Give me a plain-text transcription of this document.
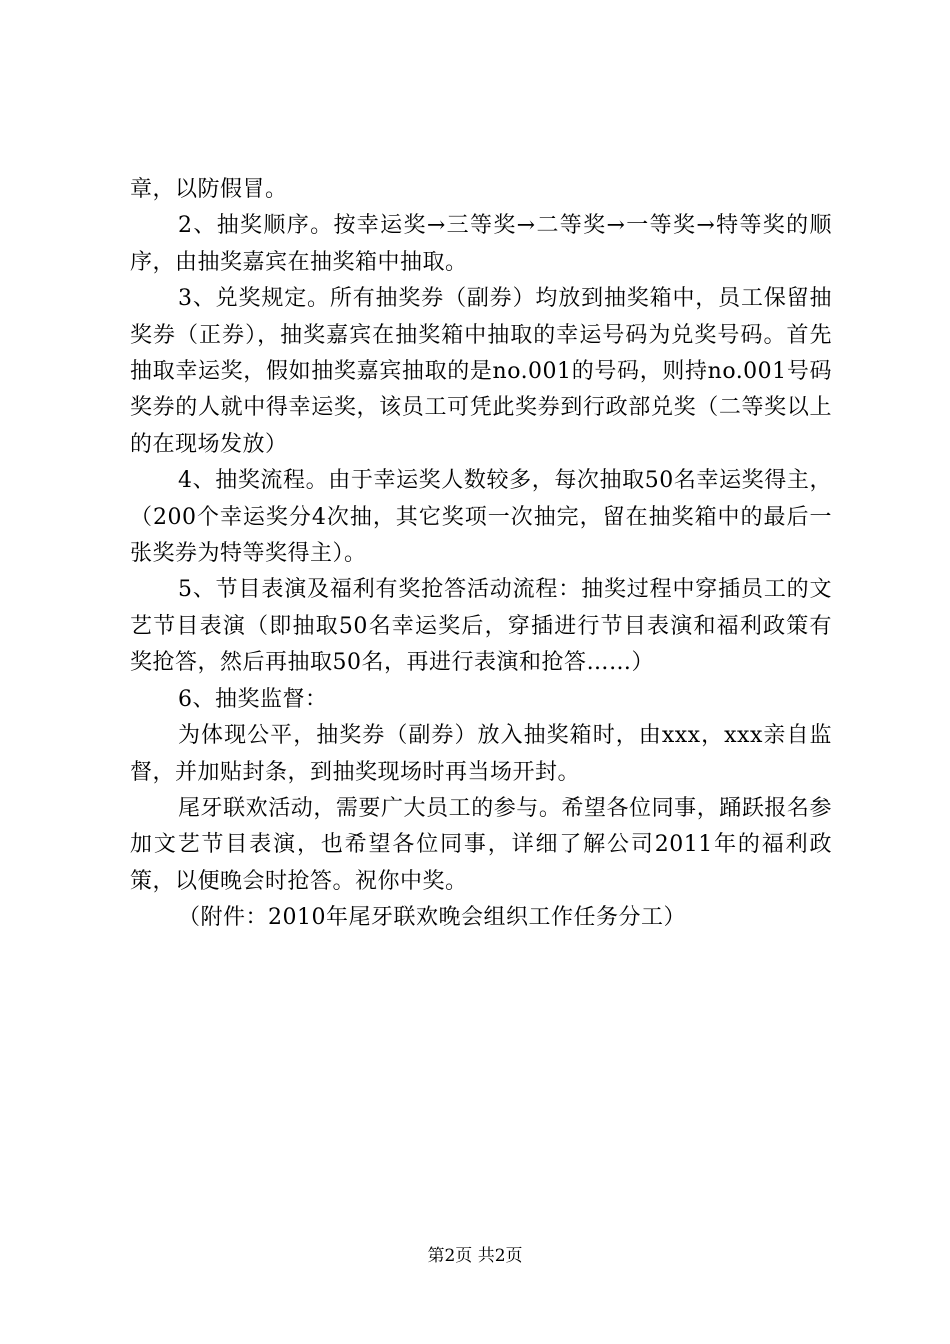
章，以防假冒。

2、抽奖顺序。按幸运奖→三等奖→二等奖→一等奖→特等奖的顺序，由抽奖嘉宾在抽奖箱中抽取。

3、兑奖规定。所有抽奖券（副券）均放到抽奖箱中，员工保留抽奖券（正券），抽奖嘉宾在抽奖箱中抽取的幸运号码为兑奖号码。首先抽取幸运奖，假如抽奖嘉宾抽取的是no.001的号码，则持no.001号码奖券的人就中得幸运奖，该员工可凭此奖券到行政部兑奖（二等奖以上的在现场发放）

4、抽奖流程。由于幸运奖人数较多，每次抽取50名幸运奖得主，（200个幸运奖分4次抽，其它奖项一次抽完，留在抽奖箱中的最后一张奖券为特等奖得主）。

5、节目表演及福利有奖抢答活动流程：抽奖过程中穿插员工的文艺节目表演（即抽取50名幸运奖后，穿插进行节目表演和福利政策有奖抢答，然后再抽取50名，再进行表演和抢答……）

6、抽奖监督：

为体现公平，抽奖券（副券）放入抽奖箱时，由xxx，xxx亲自监督，并加贴封条，到抽奖现场时再当场开封。

尾牙联欢活动，需要广大员工的参与。希望各位同事，踊跃报名参加文艺节目表演，也希望各位同事，详细了解公司2011年的福利政策，以便晚会时抢答。祝你中奖。

（附件：2010年尾牙联欢晚会组织工作任务分工）

第2页 共2页
